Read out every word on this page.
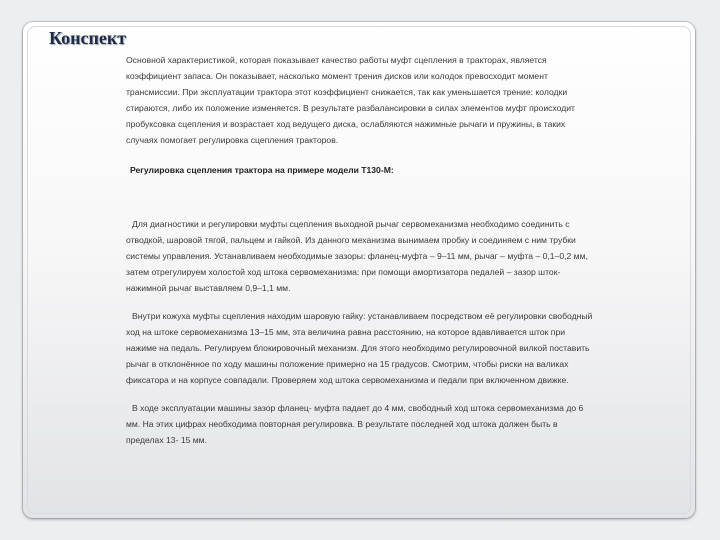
Конспект

Основной характеристикой, которая показывает качество работы муфт сцепления в тракторах, является коэффициент запаса. Он показывает, насколько момент трения дисков или колодок превосходит момент трансмиссии. При эксплуатации трактора этот коэффициент снижается, так как уменьшается трение: колодки стираются, либо их положение изменяется. В результате разбалансировки в силах элементов муфт происходит пробуксовка сцепления и возрастает ход ведущего диска, ослабляются нажимные рычаги и пружины, в таких случаях помогает регулировка сцепления тракторов.

Регулировка сцепления трактора на примере модели Т130-М:

Для диагностики и регулировки муфты сцепления выходной рычаг сервомеханизма необходимо соединить с отводкой, шаровой тягой, пальцем и гайкой. Из данного механизма вынимаем пробку и соединяем с ним трубки системы управления. Устанавливаем необходимые зазоры: фланец-муфта – 9–11 мм, рычаг – муфта – 0,1–0,2 мм, затем отрегулируем холостой ход штока сервомеханизма: при помощи амортизатора педалей – зазор шток-нажимной рычаг выставляем 0,9–1,1 мм.

Внутри кожуха муфты сцепления находим шаровую гайку: устанавливаем посредством её регулировки свободный ход на штоке сервомеханизма 13–15 мм, эта величина равна расстоянию, на которое вдавливается шток при нажиме на педаль. Регулируем блокировочный механизм. Для этого необходимо регулировочной вилкой поставить рычаг в отклонённое по ходу машины положение примерно на 15 градусов. Смотрим, чтобы риски на валиках фиксатора и на корпусе совпадали. Проверяем ход штока сервомеханизма и педали при включенном движке.

В ходе эксплуатации машины зазор фланец- муфта падает до 4 мм, свободный ход штока сервомеханизма до 6 мм. На этих цифрах необходима повторная регулировка. В результате последней ход штока должен быть в пределах 13- 15 мм.
